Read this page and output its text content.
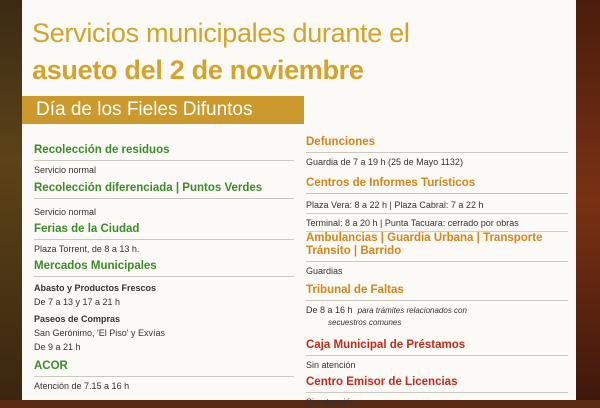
Servicios municipales durante el
asueto del 2 de noviembre
Día de los Fieles Difuntos
Recolección de residuos
Servicio normal
Recolección diferenciada | Puntos Verdes
Servicio normal
Ferias de la Ciudad
Plaza Torrent, de 8 a 13 h.
Mercados Municipales
Abasto y Productos Frescos
De 7 a 13 y 17 a 21 h
Paseos de Compras
San Gerónimo, 'El Piso' y Exvías
De 9 a 21 h
ACOR
Atención de 7.15 a 16 h
Defunciones
Guardia de 7 a 19 h (25 de Mayo 1132)
Centros de Informes Turísticos
Plaza Vera: 8 a 22 h | Plaza Cabral: 7 a 22 h
Terminal: 8 a 20 h | Punta Tacuara: cerrado por obras
Ambulancias | Guardia Urbana | Transporte
Tránsito | Barrido
Guardias
Tribunal de Faltas
De 8 a 16 h para trámites relacionados con
secuestros comunes
Caja Municipal de Préstamos
Sin atención
Centro Emisor de Licencias
Sin atención
